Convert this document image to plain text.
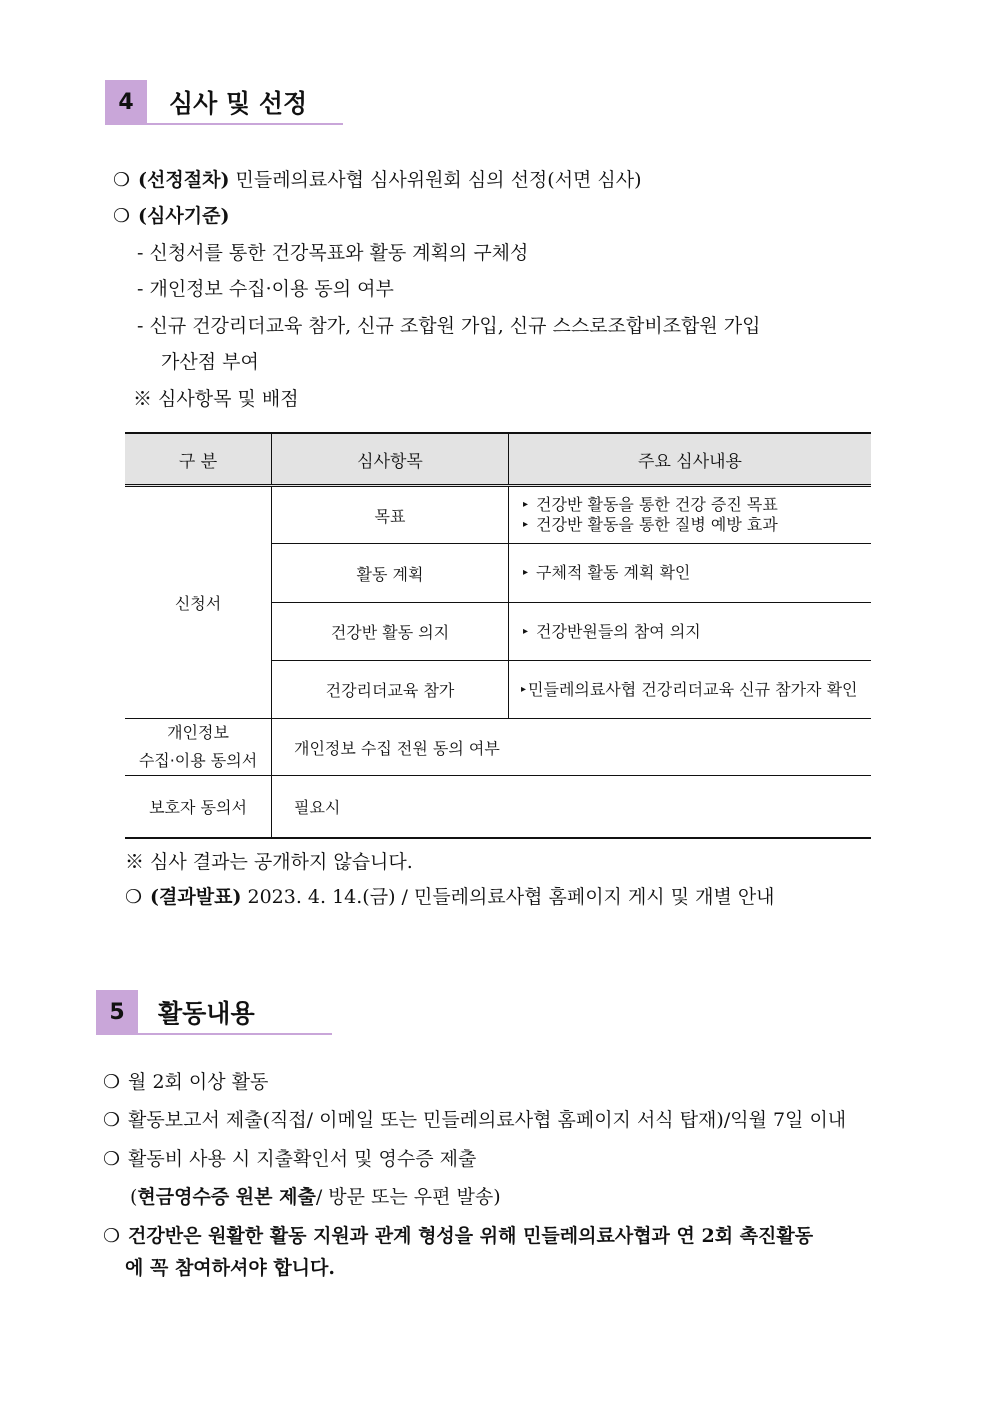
4	심사 및 선정
❍ (선정절차) 민들레의료사협 심사위원회 심의 선정(서면 심사)
❍ (심사기준)
- 신청서를 통한 건강목표와 활동 계획의 구체성
- 개인정보 수집·이용 동의 여부
- 신규 건강리더교육 참가, 신규 조합원 가입, 신규 스스로조합비조합원 가입
가산점 부여
※ 심사항목 및 배점
구 분	심사항목	주요 심사내용
신청서	목표	▸ 건강반 활동을 통한 건강 증진 목표
▸ 건강반 활동을 통한 질병 예방 효과

	활동 계획	▸ 구체적 활동 계획 확인

	건강반 활동 의지	▸ 건강반원들의 참여 의지

	건강리더교육 참가	▸ 민들레의료사협 건강리더교육 신규 참가자 확인

개인정보
수집·이용 동의서	개인정보 수집 전원 동의 여부	
보호자 동의서	필요시	
※ 심사 결과는 공개하지 않습니다.
❍ (결과발표) 2023. 4. 14.(금) / 민들레의료사협 홈페이지 게시 및 개별 안내
5	활동내용
❍ 월 2회 이상 활동
❍ 활동보고서 제출(직접/ 이메일 또는 민들레의료사협 홈페이지 서식 탑재)/익월 7일 이내
❍ 활동비 사용 시 지출확인서 및 영수증 제출
(현금영수증 원본 제출/ 방문 또는 우편 발송)
❍ 건강반은 원활한 활동 지원과 관계 형성을 위해 민들레의료사협과 연 2회 촉진활동
에 꼭 참여하셔야 합니다.
